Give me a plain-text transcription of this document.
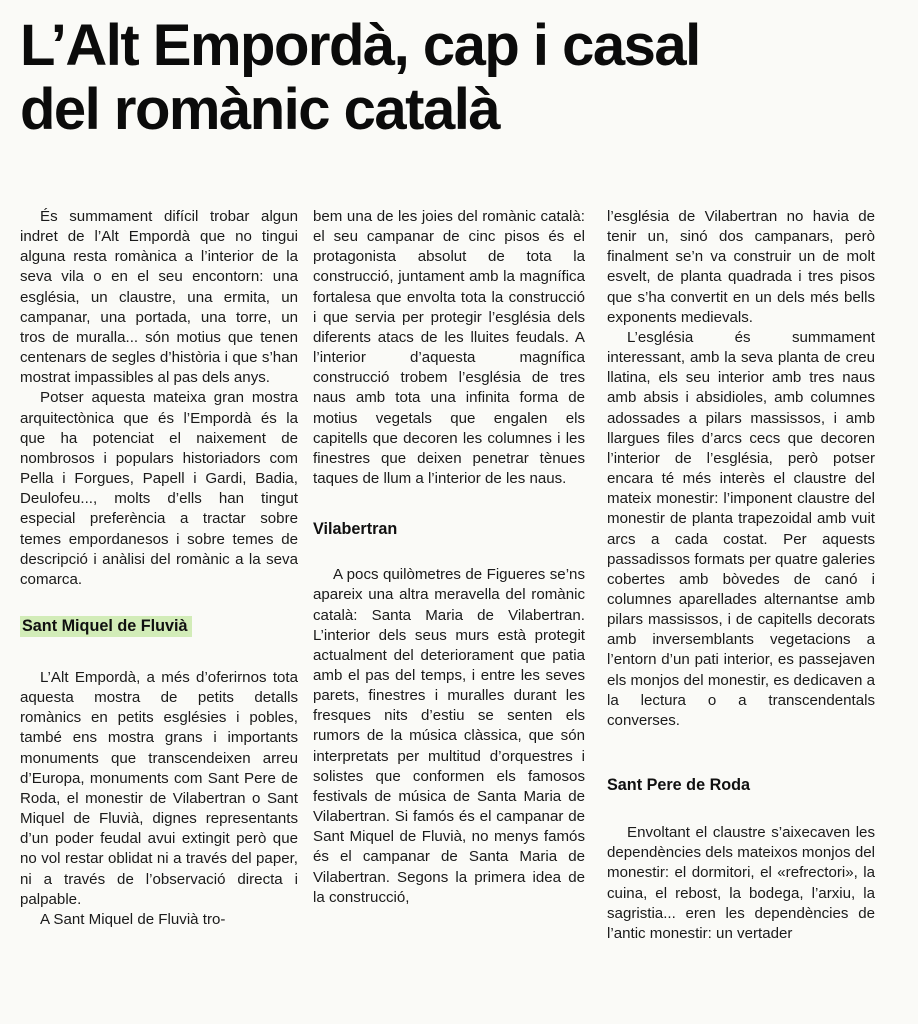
L’Alt Empordà, cap i casal
del romànic català

És summament difícil trobar algun indret de l’Alt Empordà que no tingui alguna resta romànica a l’interior de la seva vila o en el seu encontorn: una església, un claustre, una ermita, un campanar, una portada, una torre, un tros de muralla... són motius que tenen centenars de segles d’història i que s’han mostrat impassibles al pas dels anys.

Potser aquesta mateixa gran mostra arquitectònica que és l’Empordà és la que ha potenciat el naixement de nombrosos i populars historiadors com Pella i Forgues, Papell i Gardi, Badia, Deulofeu..., molts d’ells han tingut especial preferència a tractar sobre temes empordanesos i sobre temes de descripció i anàlisi del romànic a la seva comarca.

Sant Miquel de Fluvià

L’Alt Empordà, a més d’oferirnos tota aquesta mostra de petits detalls romànics en petits esglésies i pobles, també ens mostra grans i importants monuments que transcendeixen arreu d’Europa, monuments com Sant Pere de Roda, el monestir de Vilabertran o Sant Miquel de Fluvià, dignes representants d’un poder feudal avui extingit però que no vol restar oblidat ni a través del paper, ni a través de l’observació directa i palpable.

A Sant Miquel de Fluvià tro-

bem una de les joies del romànic català: el seu campanar de cinc pisos és el protagonista absolut de tota la construcció, juntament amb la magnífica fortalesa que envolta tota la construcció i que servia per protegir l’església dels diferents atacs de les lluites feudals. A l’interior d’aquesta magnífica construcció trobem l’església de tres naus amb tota una infinita forma de motius vegetals que engalen els capitells que decoren les columnes i les finestres que deixen penetrar tènues taques de llum a l’interior de les naus.

Vilabertran

A pocs quilòmetres de Figueres se’ns apareix una altra meravella del romànic català: Santa Maria de Vilabertran. L’interior dels seus murs està protegit actualment del deteriorament que patia amb el pas del temps, i entre les seves parets, finestres i muralles durant les fresques nits d’estiu se senten els rumors de la música clàssica, que són interpretats per multitud d’orquestres i solistes que conformen els famosos festivals de música de Santa Maria de Vilabertran. Si famós és el campanar de Sant Miquel de Fluvià, no menys famós és el campanar de Santa Maria de Vilabertran. Segons la primera idea de la construcció,

l’església de Vilabertran no havia de tenir un, sinó dos campanars, però finalment se’n va construir un de molt esvelt, de planta quadrada i tres pisos que s’ha convertit en un dels més bells exponents medievals.

L’església és summament interessant, amb la seva planta de creu llatina, els seu interior amb tres naus amb absis i absidioles, amb columnes adossades a pilars massissos, i amb llargues files d’arcs cecs que decoren l’interior de l’església, però potser encara té més interès el claustre del mateix monestir: l’imponent claustre del monestir de planta trapezoidal amb vuit arcs a cada costat. Per aquests passadissos formats per quatre galeries cobertes amb bòvedes de canó i columnes aparellades alternantse amb pilars massissos, i de capitells decorats amb inversemblants vegetacions a l’entorn d’un pati interior, es passejaven els monjos del monestir, es dedicaven a la lectura o a transcendentals converses.

Sant Pere de Roda

Envoltant el claustre s’aixecaven les dependències dels mateixos monjos del monestir: el dormitori, el «refrectori», la cuina, el rebost, la bodega, l’arxiu, la sagristia... eren les dependències de l’antic monestir: un vertader
